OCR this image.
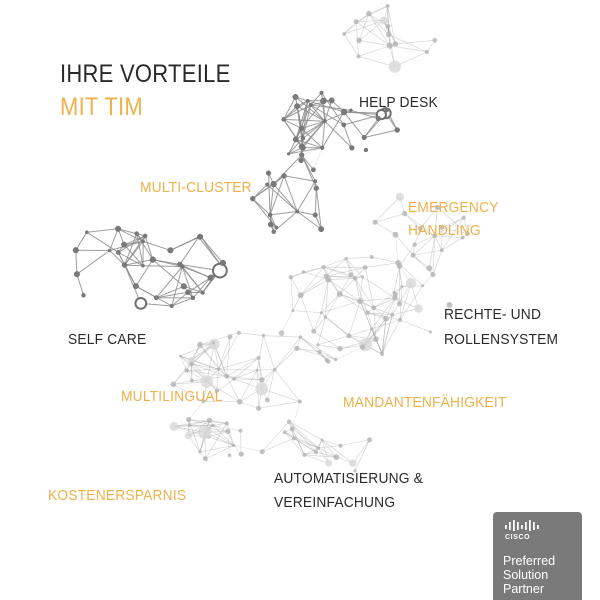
IHRE VORTEILE
MIT TIM	HELP DESK

MULTI-CLUSTER

EMERGENCY

HANDLING

RECHTE- UND

ROLLENSYSTEM

SELF CARE

MULTILINGUAL	MANDANTENFÄHIGKEIT

KOSTENERSPARNIS

AUTOMATISIERUNG &

VEREINFACHUNG

CISCO
Preferred
Solution
Partner
